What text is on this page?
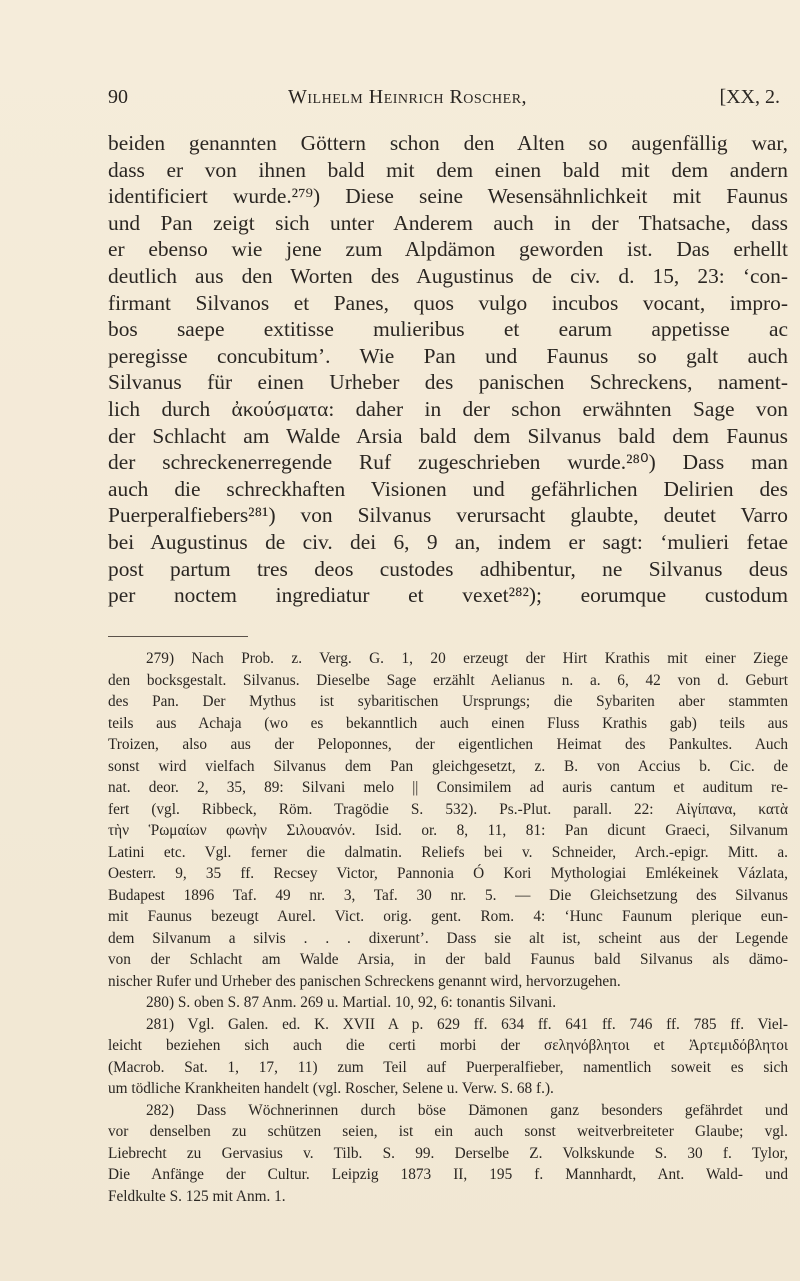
90	Wilhelm Heinrich Roscher,	[XX, 2.
beiden genannten Göttern schon den Alten so augenfällig war,
dass er von ihnen bald mit dem einen bald mit dem andern
identificiert wurde.²⁷⁹) Diese seine Wesensähnlichkeit mit Faunus
und Pan zeigt sich unter Anderem auch in der Thatsache, dass
er ebenso wie jene zum Alpdämon geworden ist. Das erhellt
deutlich aus den Worten des Augustinus de civ. d. 15, 23: ʻcon-
firmant Silvanos et Panes, quos vulgo incubos vocant, impro-
bos saepe extitisse mulieribus et earum appetisse ac
peregisse concubitum’. Wie Pan und Faunus so galt auch
Silvanus für einen Urheber des panischen Schreckens, nament-
lich durch ἀκούσματα: daher in der schon erwähnten Sage von
der Schlacht am Walde Arsia bald dem Silvanus bald dem Faunus
der schreckenerregende Ruf zugeschrieben wurde.²⁸⁰) Dass man
auch die schreckhaften Visionen und gefährlichen Delirien des
Puerperalfiebers²⁸¹) von Silvanus verursacht glaubte, deutet Varro
bei Augustinus de civ. dei 6, 9 an, indem er sagt: ʻmulieri fetae
post partum tres deos custodes adhibentur, ne Silvanus deus
per noctem ingrediatur et vexet²⁸²); eorumque custodum
279) Nach Prob. z. Verg. G. 1, 20 erzeugt der Hirt Krathis mit einer Ziege
den bocksgestalt. Silvanus. Dieselbe Sage erzählt Aelianus n. a. 6, 42 von d. Geburt
des Pan. Der Mythus ist sybaritischen Ursprungs; die Sybariten aber stammten
teils aus Achaja (wo es bekanntlich auch einen Fluss Krathis gab) teils aus
Troizen, also aus der Peloponnes, der eigentlichen Heimat des Pankultes. Auch
sonst wird vielfach Silvanus dem Pan gleichgesetzt, z. B. von Accius b. Cic. de
nat. deor. 2, 35, 89: Silvani melo || Consimilem ad auris cantum et auditum re-
fert (vgl. Ribbeck, Röm. Tragödie S. 532). Ps.-Plut. parall. 22: Αἰγίπανα, κατὰ
τὴν Ῥωμαίων φωνὴν Σιλουανόν. Isid. or. 8, 11, 81: Pan dicunt Graeci, Silvanum
Latini etc. Vgl. ferner die dalmatin. Reliefs bei v. Schneider, Arch.-epigr. Mitt. a.
Oesterr. 9, 35 ff. Recsey Victor, Pannonia Ó Kori Mythologiai Emlékeinek Vázlata,
Budapest 1896 Taf. 49 nr. 3, Taf. 30 nr. 5. — Die Gleichsetzung des Silvanus
mit Faunus bezeugt Aurel. Vict. orig. gent. Rom. 4: ʻHunc Faunum plerique eun-
dem Silvanum a silvis . . . dixerunt’. Dass sie alt ist, scheint aus der Legende
von der Schlacht am Walde Arsia, in der bald Faunus bald Silvanus als dämo-
nischer Rufer und Urheber des panischen Schreckens genannt wird, hervorzugehen.
280) S. oben S. 87 Anm. 269 u. Martial. 10, 92, 6: tonantis Silvani.
281) Vgl. Galen. ed. K. XVII A p. 629 ff. 634 ff. 641 ff. 746 ff. 785 ff. Viel-
leicht beziehen sich auch die certi morbi der σεληνόβλητοι et Ἀρτεμιδόβλητοι
(Macrob. Sat. 1, 17, 11) zum Teil auf Puerperalfieber, namentlich soweit es sich
um tödliche Krankheiten handelt (vgl. Roscher, Selene u. Verw. S. 68 f.).
282) Dass Wöchnerinnen durch böse Dämonen ganz besonders gefährdet und
vor denselben zu schützen seien, ist ein auch sonst weitverbreiteter Glaube; vgl.
Liebrecht zu Gervasius v. Tilb. S. 99. Derselbe Z. Volkskunde S. 30 f. Tylor,
Die Anfänge der Cultur. Leipzig 1873 II, 195 f. Mannhardt, Ant. Wald- und
Feldkulte S. 125 mit Anm. 1.
